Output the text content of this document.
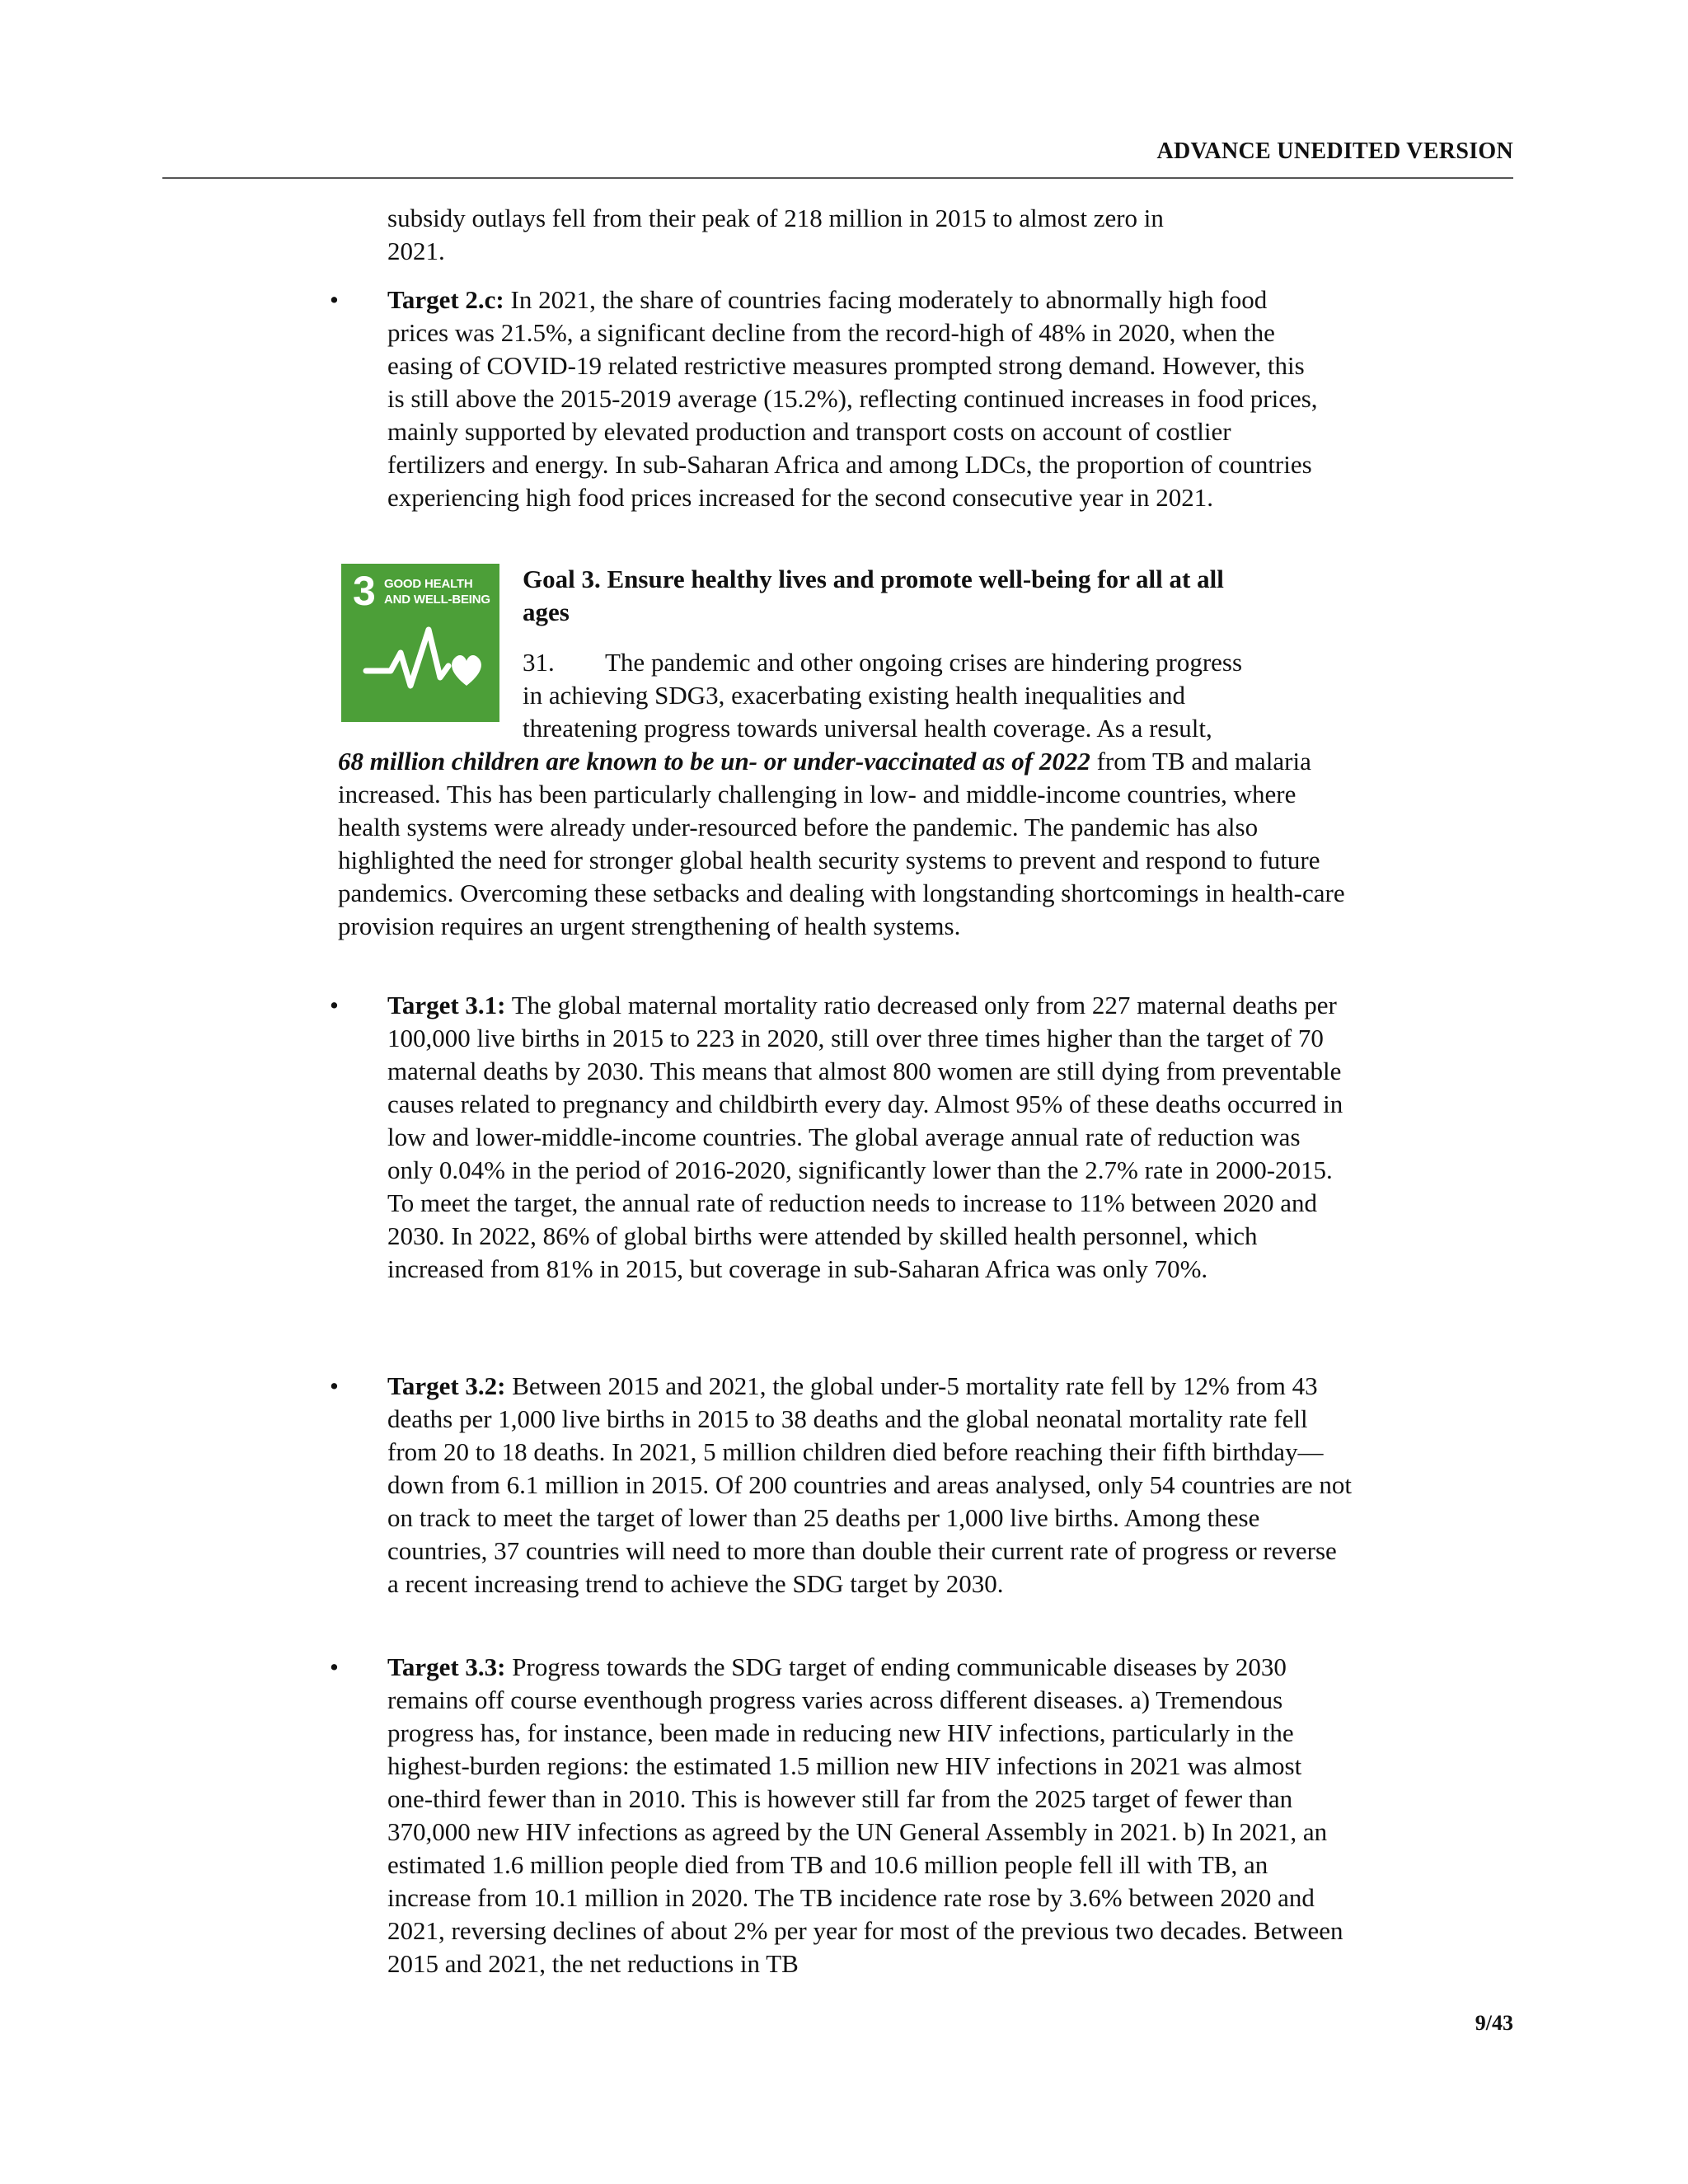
ADVANCE UNEDITED VERSION

subsidy outlays fell from their peak of 218 million in 2015 to almost zero in

2021.

•	Target 2.c: In 2021, the share of countries facing moderately to abnormally high food prices was 21.5%, a significant decline from the record-high of 48% in 2020, when the easing of COVID-19 related restrictive measures prompted strong demand. However, this is still above the 2015-2019 average (15.2%), reflecting continued increases in food prices, mainly supported by elevated production and transport costs on account of costlier fertilizers and energy. In sub-Saharan Africa and among LDCs, the proportion of countries experiencing high food prices increased for the second consecutive year in 2021.
3 GOOD HEALTH
AND WELL-BEING
Goal 3. Ensure healthy lives and promote well-being for all at all
ages
31. The pandemic and other ongoing crises are hindering progress
in achieving SDG3, exacerbating existing health inequalities and
threatening progress towards universal health coverage. As a result,
68 million children are known to be un- or under-vaccinated as of 2022 from TB and malaria increased. This has been particularly challenging in low- and middle-income countries, where health systems were already under-resourced before the pandemic. The pandemic has also highlighted the need for stronger global health security systems to prevent and respond to future pandemics. Overcoming these setbacks and dealing with longstanding shortcomings in health-care provision requires an urgent strengthening of health systems.
•	Target 3.1: The global maternal mortality ratio decreased only from 227 maternal deaths per 100,000 live births in 2015 to 223 in 2020, still over three times higher than the target of 70 maternal deaths by 2030. This means that almost 800 women are still dying from preventable causes related to pregnancy and childbirth every day. Almost 95% of these deaths occurred in low and lower-middle-income countries. The global average annual rate of reduction was only 0.04% in the period of 2016-2020, significantly lower than the 2.7% rate in 2000-2015. To meet the target, the annual rate of reduction needs to increase to 11% between 2020 and 2030. In 2022, 86% of global births were attended by skilled health personnel, which increased from 81% in 2015, but coverage in sub-Saharan Africa was only 70%.
•	Target 3.2: Between 2015 and 2021, the global under-5 mortality rate fell by 12% from 43 deaths per 1,000 live births in 2015 to 38 deaths and the global neonatal mortality rate fell from 20 to 18 deaths. In 2021, 5 million children died before reaching their fifth birthday—down from 6.1 million in 2015. Of 200 countries and areas analysed, only 54 countries are not on track to meet the target of lower than 25 deaths per 1,000 live births. Among these countries, 37 countries will need to more than double their current rate of progress or reverse a recent increasing trend to achieve the SDG target by 2030.
•	Target 3.3: Progress towards the SDG target of ending communicable diseases by 2030 remains off course eventhough progress varies across different diseases. a) Tremendous progress has, for instance, been made in reducing new HIV infections, particularly in the highest-burden regions: the estimated 1.5 million new HIV infections in 2021 was almost one-third fewer than in 2010. This is however still far from the 2025 target of fewer than 370,000 new HIV infections as agreed by the UN General Assembly in 2021. b) In 2021, an estimated 1.6 million people died from TB and 10.6 million people fell ill with TB, an increase from 10.1 million in 2020. The TB incidence rate rose by 3.6% between 2020 and 2021, reversing declines of about 2% per year for most of the previous two decades. Between 2015 and 2021, the net reductions in TB
9/43
